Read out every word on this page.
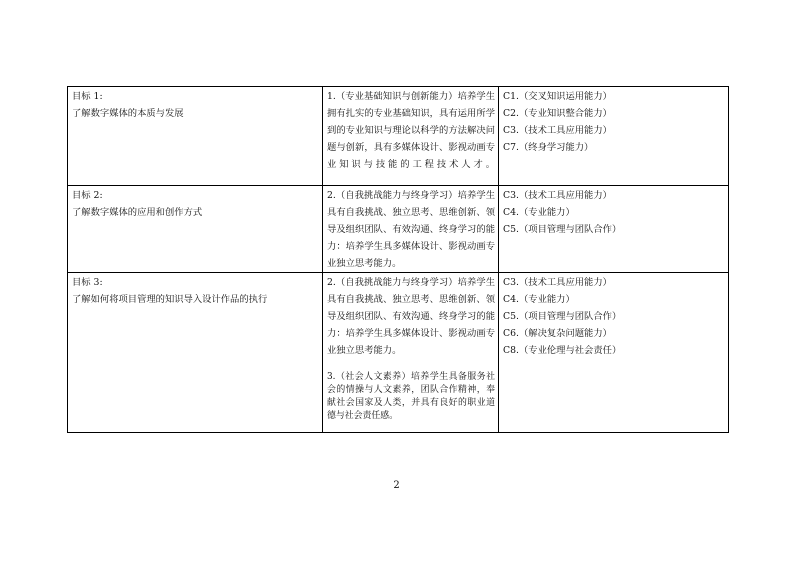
目标 1:
了解数字媒体的本质与发展	1.（专业基础知识与创新能力）培养学生拥有扎实的专业基础知识，具有运用所学到的专业知识与理论以科学的方法解决问题与创新，具有多媒体设计、影视动画专业知识与技能的工程技术人才。	C1.（交叉知识运用能力）
C2.（专业知识整合能力）
C3.（技术工具应用能力）
C7.（终身学习能力）

目标 2:
了解数字媒体的应用和创作方式	2.（自我挑战能力与终身学习）培养学生具有自我挑战、独立思考、思维创新、领导及组织团队、有效沟通、终身学习的能力：培养学生具多媒体设计、影视动画专业独立思考能力。	C3.（技术工具应用能力）
C4.（专业能力）
C5.（项目管理与团队合作）

目标 3:
了解如何将项目管理的知识导入设计作品的执行	2.（自我挑战能力与终身学习）培养学生具有自我挑战、独立思考、思维创新、领导及组织团队、有效沟通、终身学习的能力：培养学生具多媒体设计、影视动画专业独立思考能力。
3.（社会人文素养）培养学生具备服务社会的情操与人文素养，团队合作精神，奉献社会国家及人类，并具有良好的职业道德与社会责任感。	C3.（技术工具应用能力）
C4.（专业能力）
C5.（项目管理与团队合作）
C6.（解决复杂问题能力）
C8.（专业伦理与社会责任）
2
